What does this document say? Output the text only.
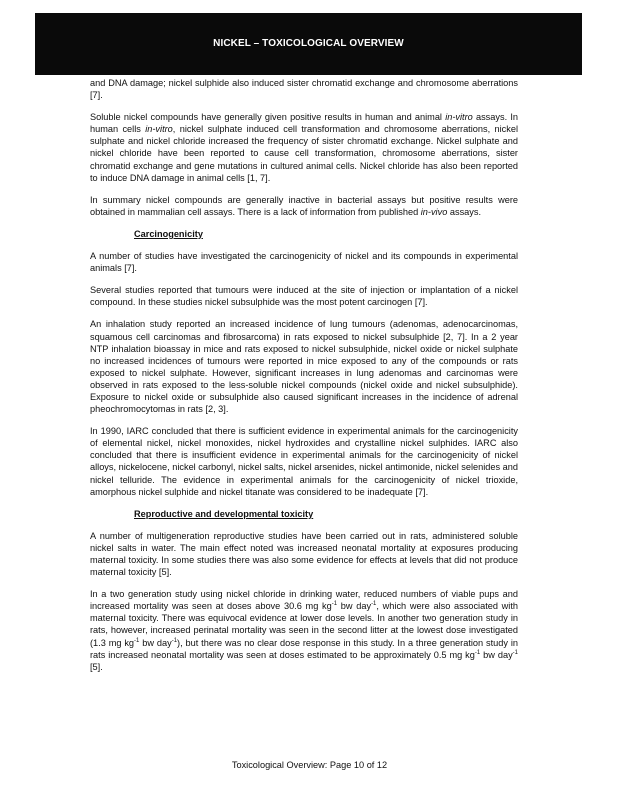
NICKEL – TOXICOLOGICAL OVERVIEW
and DNA damage; nickel sulphide also induced sister chromatid exchange and chromosome aberrations [7].
Soluble nickel compounds have generally given positive results in human and animal in-vitro assays. In human cells in-vitro, nickel sulphate induced cell transformation and chromosome aberrations, nickel sulphate and nickel chloride increased the frequency of sister chromatid exchange. Nickel sulphate and nickel chloride have been reported to cause cell transformation, chromosome aberrations, sister chromatid exchange and gene mutations in cultured animal cells. Nickel chloride has also been reported to induce DNA damage in animal cells [1, 7].
In summary nickel compounds are generally inactive in bacterial assays but positive results were obtained in mammalian cell assays. There is a lack of information from published in-vivo assays.
Carcinogenicity
A number of studies have investigated the carcinogenicity of nickel and its compounds in experimental animals [7].
Several studies reported that tumours were induced at the site of injection or implantation of a nickel compound. In these studies nickel subsulphide was the most potent carcinogen [7].
An inhalation study reported an increased incidence of lung tumours (adenomas, adenocarcinomas, squamous cell carcinomas and fibrosarcoma) in rats exposed to nickel subsulphide [2, 7]. In a 2 year NTP inhalation bioassay in mice and rats exposed to nickel subsulphide, nickel oxide or nickel sulphate no increased incidences of tumours were reported in mice exposed to any of the compounds or rats exposed to nickel sulphate. However, significant increases in lung adenomas and carcinomas were observed in rats exposed to the less-soluble nickel compounds (nickel oxide and nickel subsulphide). Exposure to nickel oxide or subsulphide also caused significant increases in the incidence of adrenal pheochromocytomas in rats [2, 3].
In 1990, IARC concluded that there is sufficient evidence in experimental animals for the carcinogenicity of elemental nickel, nickel monoxides, nickel hydroxides and crystalline nickel sulphides. IARC also concluded that there is insufficient evidence in experimental animals for the carcinogenicity of nickel alloys, nickelocene, nickel carbonyl, nickel salts, nickel arsenides, nickel antimonide, nickel selenides and nickel telluride. The evidence in experimental animals for the carcinogenicity of nickel trioxide, amorphous nickel sulphide and nickel titanate was considered to be inadequate [7].
Reproductive and developmental toxicity
A number of multigeneration reproductive studies have been carried out in rats, administered soluble nickel salts in water. The main effect noted was increased neonatal mortality at exposures producing maternal toxicity. In some studies there was also some evidence for effects at levels that did not produce maternal toxicity [5].
In a two generation study using nickel chloride in drinking water, reduced numbers of viable pups and increased mortality was seen at doses above 30.6 mg $kg^{-1}$ bw day$^{-1}$, which were also associated with maternal toxicity. There was equivocal evidence at lower dose levels. In another two generation study in rats, however, increased perinatal mortality was seen in the second litter at the lowest dose investigated (1.3 mg $kg^{-1}$ bw day$^{-1}$), but there was no clear dose response in this study. In a three generation study in rats increased neonatal mortality was seen at doses estimated to be approximately 0.5 mg $kg^{-1}$ bw day$^{-1}$ [5].
Toxicological Overview: Page 10 of 12
